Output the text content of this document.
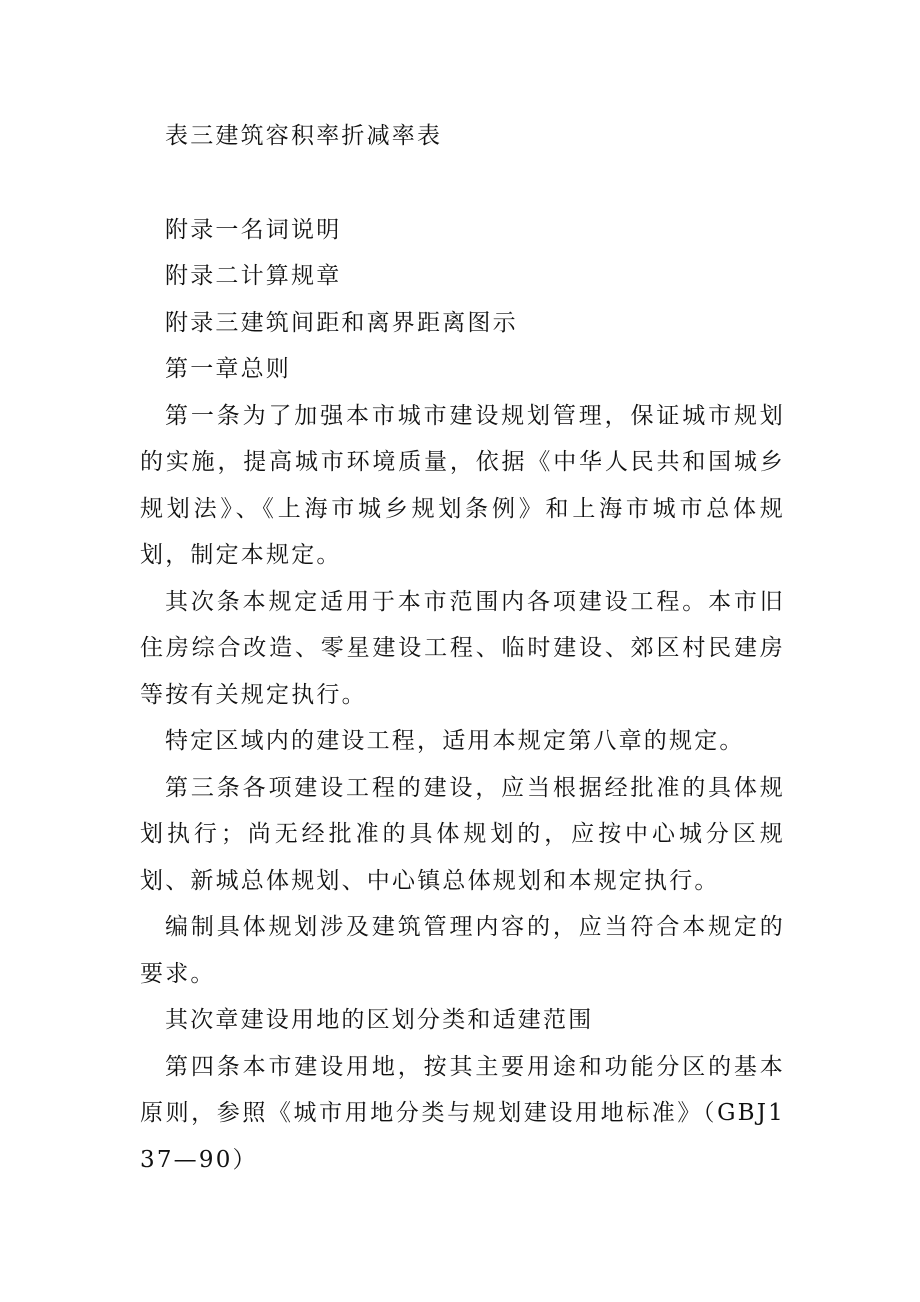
表三建筑容积率折减率表

附录一名词说明

附录二计算规章

附录三建筑间距和离界距离图示

第一章总则

第一条为了加强本市城市建设规划管理，保证城市规划的实施，提高城市环境质量，依据《中华人民共和国城乡规划法》、《上海市城乡规划条例》和上海市城市总体规划，制定本规定。

其次条本规定适用于本市范围内各项建设工程。本市旧住房综合改造、零星建设工程、临时建设、郊区村民建房等按有关规定执行。

特定区域内的建设工程，适用本规定第八章的规定。

第三条各项建设工程的建设，应当根据经批准的具体规划执行；尚无经批准的具体规划的，应按中心城分区规划、新城总体规划、中心镇总体规划和本规定执行。

编制具体规划涉及建筑管理内容的，应当符合本规定的要求。

其次章建设用地的区划分类和适建范围

第四条本市建设用地，按其主要用途和功能分区的基本原则，参照《城市用地分类与规划建设用地标准》（GBJ137—90）
